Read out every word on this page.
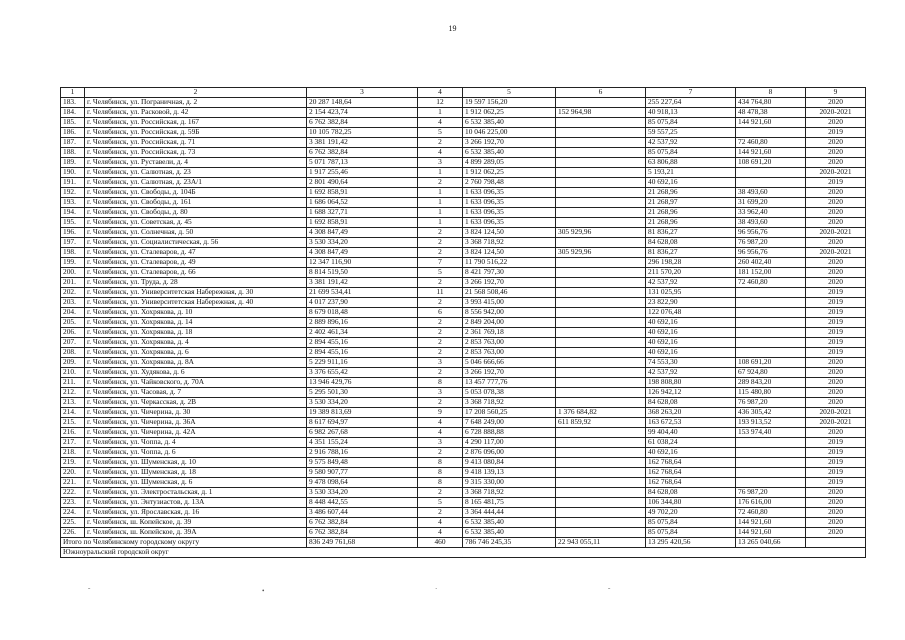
19
1	2	3	4	5	6	7	8	9
183.	г. Челябинск, ул. Пограничная, д. 2	20 287 148,64	12	19 597 156,20		255 227,64	434 764,80	2020
184.	г. Челябинск, ул. Расковой, д. 42	2 154 423,74	1	1 912 062,25	152 964,98	40 918,13	48 478,38	2020-2021
185.	г. Челябинск, ул. Российская, д. 167	6 762 382,84	4	6 532 385,40		85 075,84	144 921,60	2020
186.	г. Челябинск, ул. Российская, д. 59Б	10 105 782,25	5	10 046 225,00		59 557,25		2019
187.	г. Челябинск, ул. Российская, д. 71	3 381 191,42	2	3 266 192,70		42 537,92	72 460,80	2020
188.	г. Челябинск, ул. Российская, д. 73	6 762 382,84	4	6 532 385,40		85 075,84	144 921,60	2020
189.	г. Челябинск, ул. Руставели, д. 4	5 071 787,13	3	4 899 289,05		63 806,88	108 691,20	2020
190.	г. Челябинск, ул. Салютная, д. 23	1 917 255,46	1	1 912 062,25		5 193,21		2020-2021
191.	г. Челябинск, ул. Салютная, д. 23А/1	2 801 490,64	2	2 760 798,48		40 692,16		2019
192.	г. Челябинск, ул. Свободы, д. 104Б	1 692 858,91	1	1 633 096,35		21 268,96	38 493,60	2020
193.	г. Челябинск, ул. Свободы, д. 161	1 686 064,52	1	1 633 096,35		21 268,97	31 699,20	2020
194.	г. Челябинск, ул. Свободы, д. 80	1 688 327,71	1	1 633 096,35		21 268,96	33 962,40	2020
195.	г. Челябинск, ул. Советская, д. 45	1 692 858,91	1	1 633 096,35		21 268,96	38 493,60	2020
196.	г. Челябинск, ул. Солнечная, д. 50	4 308 847,49	2	3 824 124,50	305 929,96	81 836,27	96 956,76	2020-2021
197.	г. Челябинск, ул. Социалистическая, д. 56	3 530 334,20	2	3 368 718,92		84 628,08	76 987,20	2020
198.	г. Челябинск, ул. Сталеваров, д. 47	4 308 847,49	2	3 824 124,50	305 929,96	81 836,27	96 956,76	2020-2021
199.	г. Челябинск, ул. Сталеваров, д. 49	12 347 116,90	7	11 790 516,22		296 198,28	260 402,40	2020
200.	г. Челябинск, ул. Сталеваров, д. 66	8 814 519,50	5	8 421 797,30		211 570,20	181 152,00	2020
201.	г. Челябинск, ул. Труда, д. 28	3 381 191,42	2	3 266 192,70		42 537,92	72 460,80	2020
202.	г. Челябинск, ул. Университетская Набережная, д. 30	21 699 534,41	11	21 568 508,46		131 025,95		2019
203.	г. Челябинск, ул. Университетская Набережная, д. 40	4 017 237,90	2	3 993 415,00		23 822,90		2019
204.	г. Челябинск, ул. Хохрякова, д. 10	8 679 018,48	6	8 556 942,00		122 076,48		2019
205.	г. Челябинск, ул. Хохрякова, д. 14	2 889 896,16	2	2 849 204,00		40 692,16		2019
206.	г. Челябинск, ул. Хохрякова, д. 18	2 402 461,34	2	2 361 769,18		40 692,16		2019
207.	г. Челябинск, ул. Хохрякова, д. 4	2 894 455,16	2	2 853 763,00		40 692,16		2019
208.	г. Челябинск, ул. Хохрякова, д. 6	2 894 455,16	2	2 853 763,00		40 692,16		2019
209.	г. Челябинск, ул. Хохрякова, д. 8А	5 229 911,16	3	5 046 666,66		74 553,30	108 691,20	2020
210.	г. Челябинск, ул. Худякова, д. 6	3 376 655,42	2	3 266 192,70		42 537,92	67 924,80	2020
211.	г. Челябинск, ул. Чайковского, д. 70А	13 946 429,76	8	13 457 777,76		198 808,80	289 843,20	2020
212.	г. Челябинск, ул. Часовая, д. 7	5 295 501,30	3	5 053 078,38		126 942,12	115 480,80	2020
213.	г. Челябинск, ул. Черкасская, д. 2В	3 530 334,20	2	3 368 718,92		84 628,08	76 987,20	2020
214.	г. Челябинск, ул. Чичерина, д. 30	19 389 813,69	9	17 208 560,25	1 376 684,82	368 263,20	436 305,42	2020-2021
215.	г. Челябинск, ул. Чичерина, д. 36А	8 617 694,97	4	7 648 249,00	611 859,92	163 672,53	193 913,52	2020-2021
216.	г. Челябинск, ул. Чичерина, д. 42А	6 982 267,68	4	6 728 888,88		99 404,40	153 974,40	2020
217.	г. Челябинск, ул. Чоппа, д. 4	4 351 155,24	3	4 290 117,00		61 038,24		2019
218.	г. Челябинск, ул. Чоппа, д. 6	2 916 788,16	2	2 876 096,00		40 692,16		2019
219.	г. Челябинск, ул. Шуменская, д. 10	9 575 849,48	8	9 413 080,84		162 768,64		2019
220.	г. Челябинск, ул. Шуменская, д. 18	9 580 907,77	8	9 418 139,13		162 768,64		2019
221.	г. Челябинск, ул. Шуменская, д. 6	9 478 098,64	8	9 315 330,00		162 768,64		2019
222.	г. Челябинск, ул. Электростальская, д. 1	3 530 334,20	2	3 368 718,92		84 628,08	76 987,20	2020
223.	г. Челябинск, ул. Энтузиастов, д. 13А	8 448 442,55	5	8 165 481,75		106 344,80	176 616,00	2020
224.	г. Челябинск, ул. Ярославская, д. 16	3 486 607,44	2	3 364 444,44		49 702,20	72 460,80	2020
225.	г. Челябинск, ш. Копейское, д. 39	6 762 382,84	4	6 532 385,40		85 075,84	144 921,60	2020
226.	г. Челябинск, ш. Копейское, д. 39А	6 762 382,84	4	6 532 385,40		85 075,84	144 921,60	2020
Итого по Челябинскому городскому округу		836 249 761,68	460	786 746 245,35	22 943 055,11	13 295 420,56	13 265 040,66	
Южноуральский городской округ								
ˇ	•	ˊ	ˇ
